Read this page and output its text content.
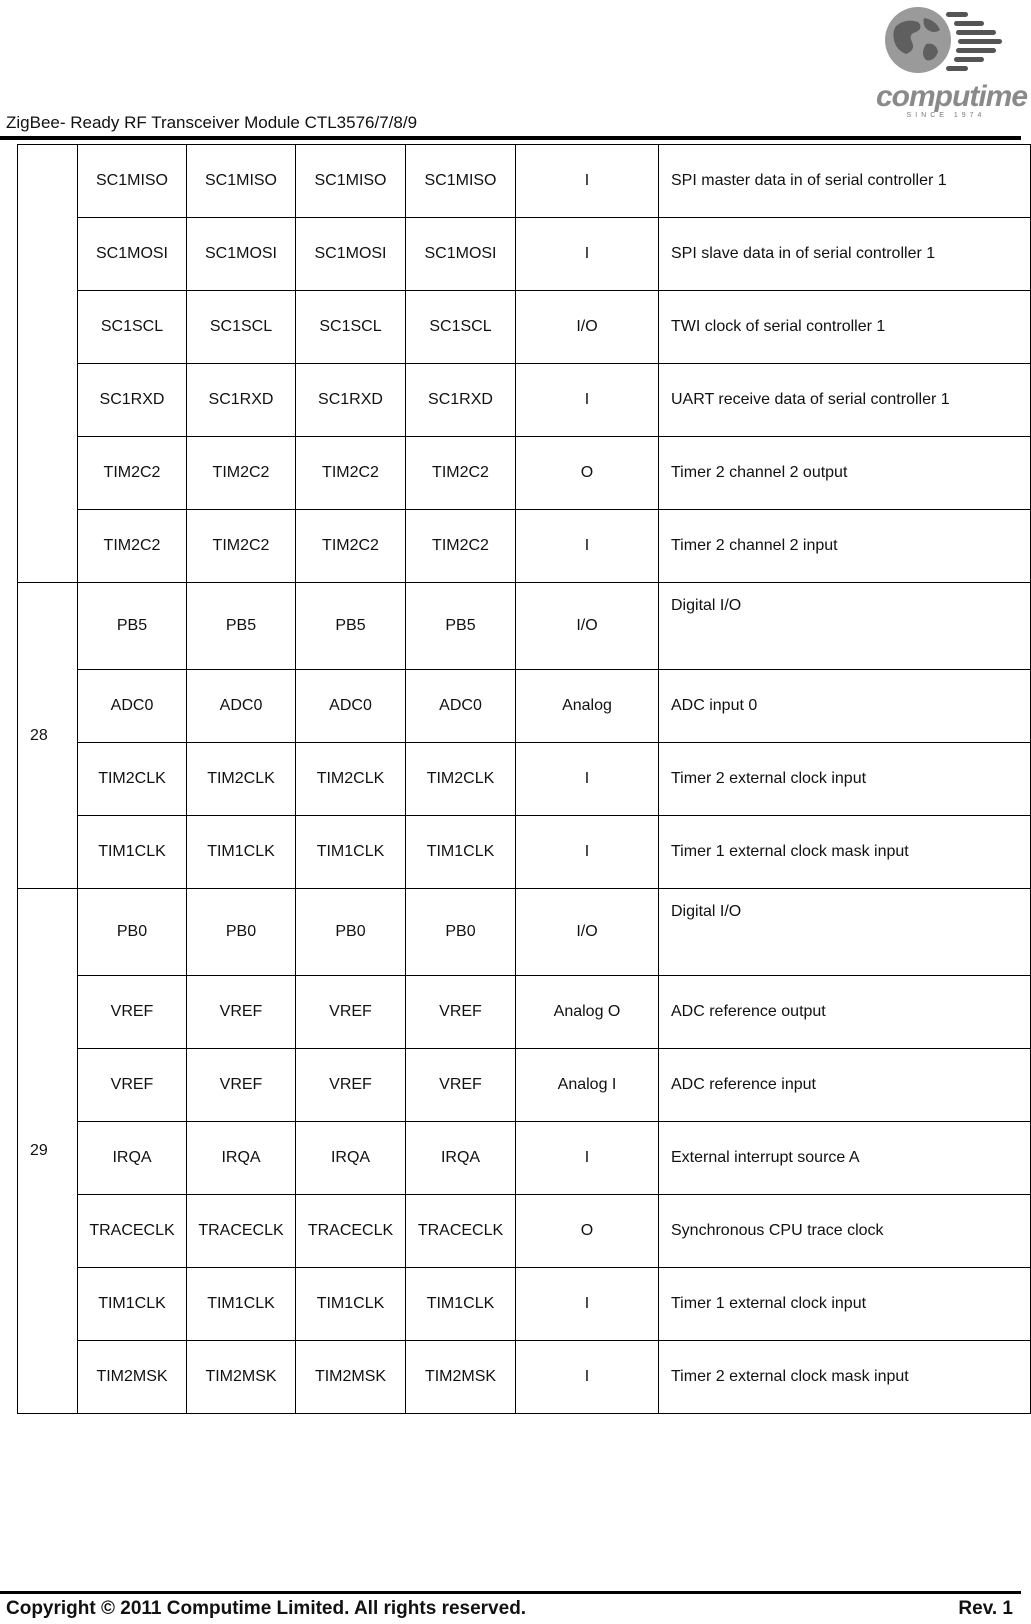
ZigBee- Ready RF Transceiver Module CTL3576/7/8/9
computime
SINCE 1974
	SC1MISO	SC1MISO	SC1MISO	SC1MISO	I	SPI master data in of serial controller 1
	SC1MOSI	SC1MOSI	SC1MOSI	SC1MOSI	I	SPI slave data in of serial controller 1
	SC1SCL	SC1SCL	SC1SCL	SC1SCL	I/O	TWI clock of serial controller 1
	SC1RXD	SC1RXD	SC1RXD	SC1RXD	I	UART receive data of serial controller 1
	TIM2C2	TIM2C2	TIM2C2	TIM2C2	O	Timer 2 channel 2 output
	TIM2C2	TIM2C2	TIM2C2	TIM2C2	I	Timer 2 channel 2 input
28	PB5	PB5	PB5	PB5	I/O	Digital I/O
	ADC0	ADC0	ADC0	ADC0	Analog	ADC input 0
	TIM2CLK	TIM2CLK	TIM2CLK	TIM2CLK	I	Timer 2 external clock input
	TIM1CLK	TIM1CLK	TIM1CLK	TIM1CLK	I	Timer 1 external clock mask input
29	PB0	PB0	PB0	PB0	I/O	Digital I/O
	VREF	VREF	VREF	VREF	Analog O	ADC reference output
	VREF	VREF	VREF	VREF	Analog I	ADC reference input
	IRQA	IRQA	IRQA	IRQA	I	External interrupt source A
	TRACECLK	TRACECLK	TRACECLK	TRACECLK	O	Synchronous CPU trace clock
	TIM1CLK	TIM1CLK	TIM1CLK	TIM1CLK	I	Timer 1 external clock input
	TIM2MSK	TIM2MSK	TIM2MSK	TIM2MSK	I	Timer 2 external clock mask input
Copyright © 2011 Computime Limited. All rights reserved.	Rev. 1
